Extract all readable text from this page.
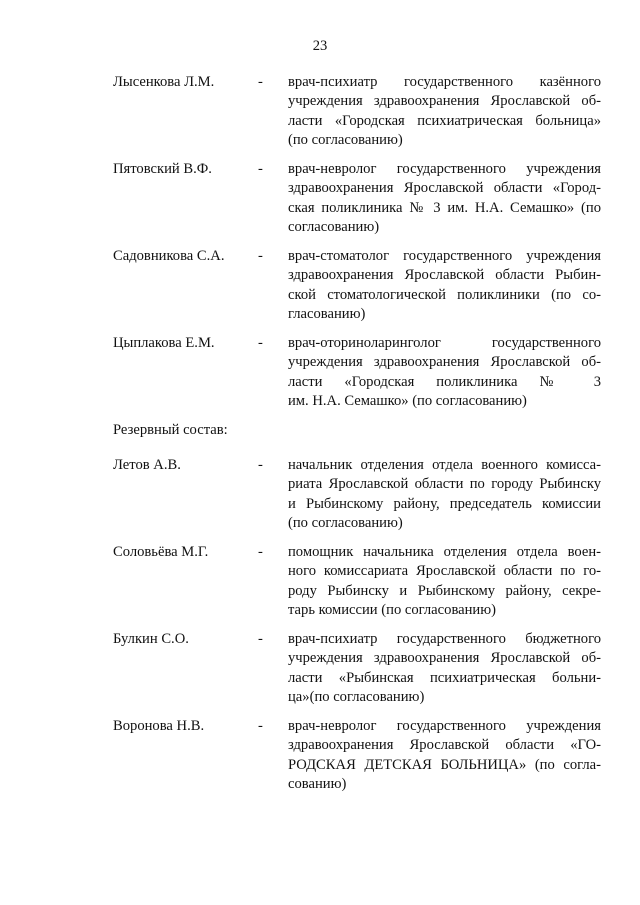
23
Лысенкова Л.М.	- врач-психиатр государственного казённого
учреждения здравоохранения Ярославской об-
ласти «Городская психиатрическая больница»
(по согласованию)
Пятовский В.Ф.	- врач-невролог государственного учреждения
здравоохранения Ярославской области «Город-
ская поликлиника № 3 им. Н.А. Семашко» (по
согласованию)
Садовникова С.А. - врач-стоматолог государственного учреждения
здравоохранения Ярославской области Рыбин-
ской стоматологической поликлиники (по со-
гласованию)
Цыплакова Е.М.	- врач-оториноларинголог государственного
учреждения здравоохранения Ярославской об-
ласти «Городская поликлиника № 3
им. Н.А. Семашко» (по согласованию)
Резервный состав:
Летов А.В.	- начальник отделения отдела военного комисса-
риата Ярославской области по городу Рыбинску
и Рыбинскому району, председатель комиссии
(по согласованию)
Соловьёва М.Г.	- помощник начальника отделения отдела воен-
ного комиссариата Ярославской области по го-
роду Рыбинску и Рыбинскому району, секре-
тарь комиссии (по согласованию)
Булкин С.О.	- врач-психиатр государственного бюджетного
учреждения здравоохранения Ярославской об-
ласти «Рыбинская психиатрическая больни-
ца»(по согласованию)
Воронова Н.В.	- врач-невролог государственного учреждения
здравоохранения Ярославской области «ГО-
РОДСКАЯ ДЕТСКАЯ БОЛЬНИЦА» (по согла-
сованию)
